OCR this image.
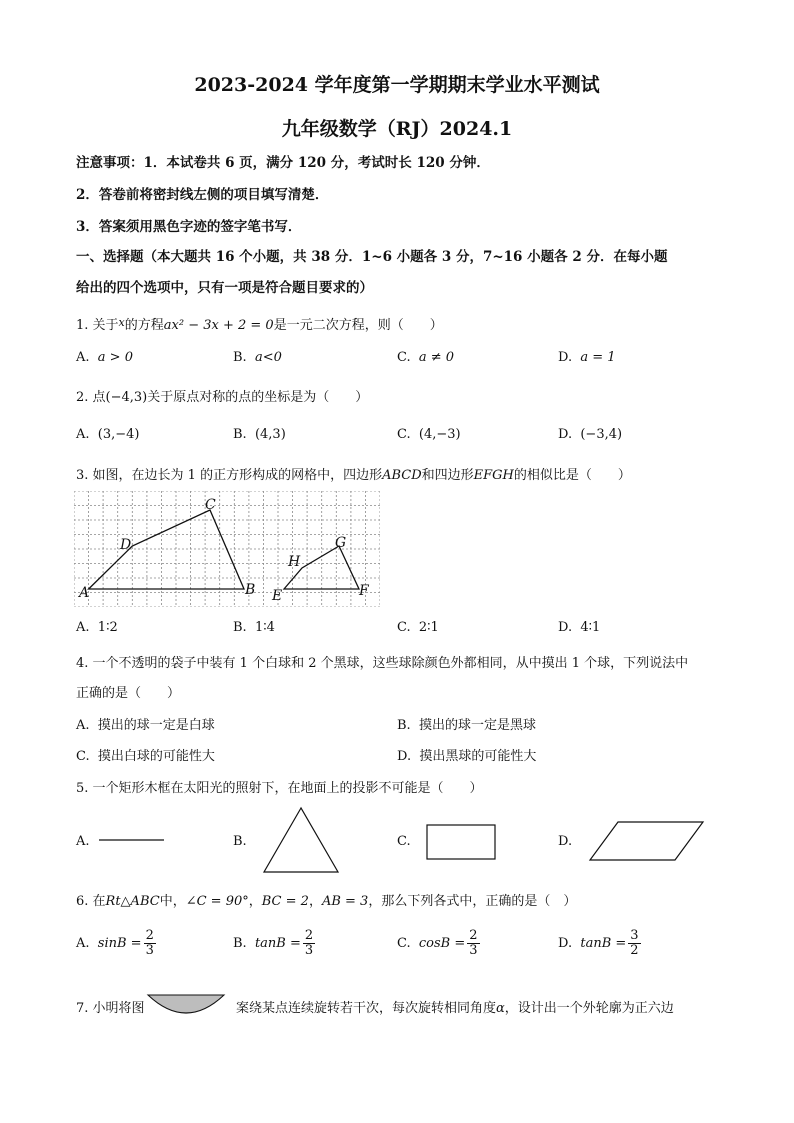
2023-2024 学年度第一学期期末学业水平测试
九年级数学（RJ）2024.1
注意事项：1．本试卷共 6 页，满分 120 分，考试时长 120 分钟．
2．答卷前将密封线左侧的项目填写清楚．
3．答案须用黑色字迹的签字笔书写．
一、选择题（本大题共 16 个小题，共 38 分．1~6 小题各 3 分，7~16 小题各 2 分．在每小题
给出的四个选项中，只有一项是符合题目要求的）
1. 关于$^x$的方程ax² − 3x + 2 = 0是一元二次方程，则（　　）
A. a > 0	B. a<0	C. a ≠ 0	D. a = 1
2. 点(−4,3)关于原点对称的点的坐标是为（　　）
A. (3,−4)	B. (4,3)	C. (4,−3)	D. (−3,4)
3. 如图，在边长为 1 的正方形构成的网格中，四边形ABCD和四边形EFGH的相似比是（　　）
A
D
C
B E
H
G
F
A. 1∶2	B. 1∶4	C. 2∶1	D. 4∶1
4. 一个不透明的袋子中装有 1 个白球和 2 个黑球，这些球除颜色外都相同，从中摸出 1 个球，下列说法中
正确的是（　　）
A. 摸出的球一定是白球	B. 摸出的球一定是黑球
C. 摸出白球的可能性大	D. 摸出黑球的可能性大
5. 一个矩形木框在太阳光的照射下，在地面上的投影不可能是（　　）
A.	B.	C.	D.
6. 在Rt△ABC中，∠C = 90°，BC = 2，AB = 3，那么下列各式中，正确的是（　）
A. $\sin B = \frac{2}{3}$	B. $\tan B = \frac{2}{3}$	C. $\cos B = \frac{2}{3}$	D. $\tan B = \frac{3}{2}$
7. 小明将图	案绕某点连续旋转若干次，每次旋转相同角度α，设计出一个外轮廓为正六边
